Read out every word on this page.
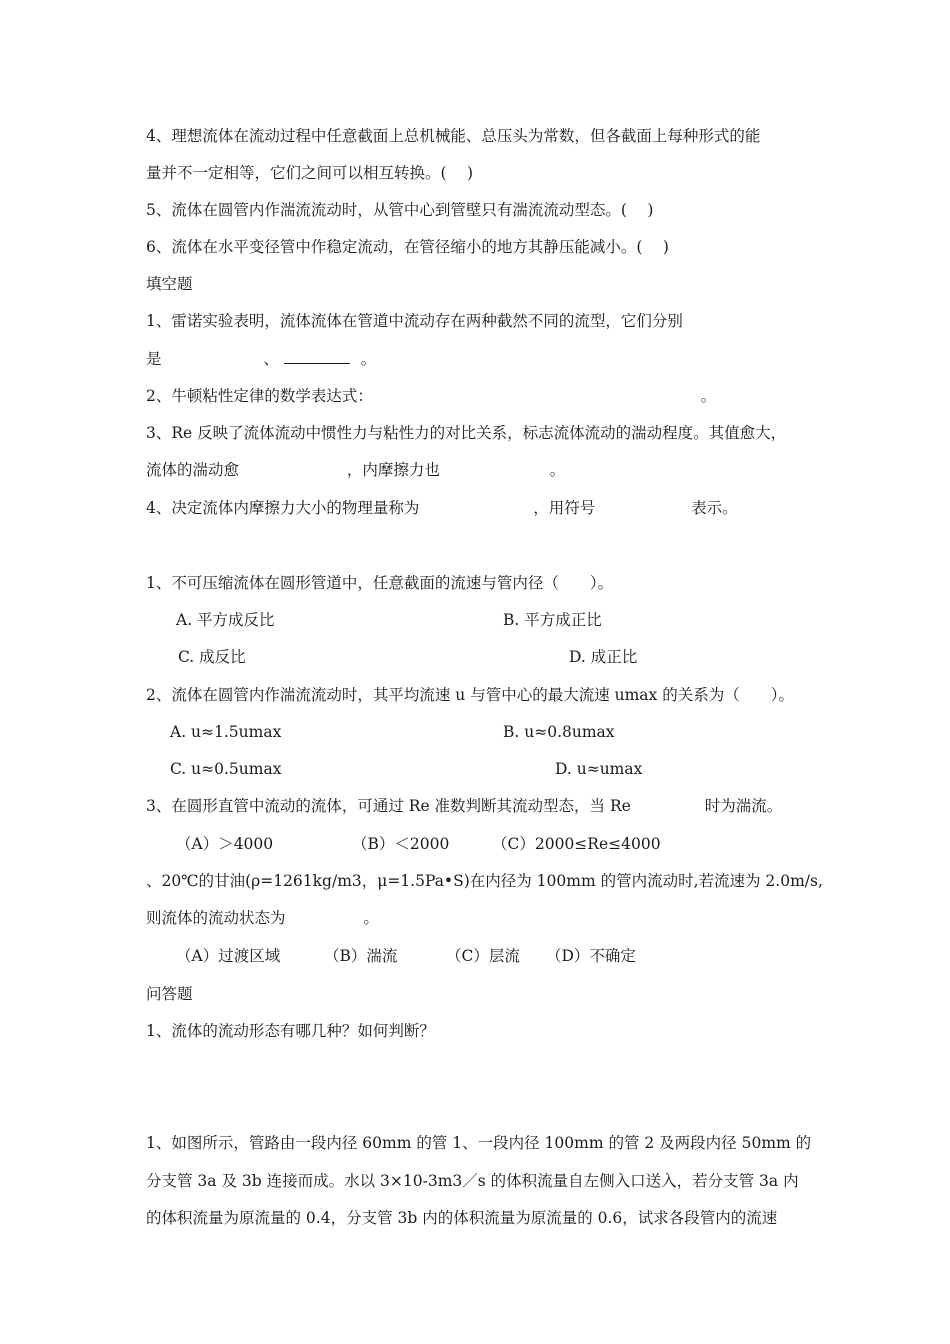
4、理想流体在流动过程中任意截面上总机械能、总压头为常数，但各截面上每种形式的能
量并不一定相等，它们之间可以相互转换。(　 )
5、流体在圆管内作湍流流动时，从管中心到管壁只有湍流流动型态。(　 )
6、流体在水平变径管中作稳定流动，在管径缩小的地方其静压能减小。(　 )
填空题
1、雷诺实验表明，流体流体在管道中流动存在两种截然不同的流型，它们分别
是	、	。
2、牛顿粘性定律的数学表达式：	。
3、Re 反映了流体流动中惯性力与粘性力的对比关系，标志流体流动的湍动程度。其值愈大，
流体的湍动愈	，内摩擦力也	。
4、决定流体内摩擦力大小的物理量称为	，用符号	表示。
1、不可压缩流体在圆形管道中，任意截面的流速与管内径（　　）。
A. 平方成反比	B. 平方成正比
C. 成反比	D. 成正比
2、流体在圆管内作湍流流动时，其平均流速 u 与管中心的最大流速 umax 的关系为（　　）。
A. u≈1.5umax	B. u≈0.8umax
C. u≈0.5umax	D. u≈umax
3、在圆形直管中流动的流体，可通过 Re 准数判断其流动型态，当 Re	时为湍流。
（A）＞4000	（B）＜2000	（C）2000≤Re≤4000
、20℃的甘油(ρ=1261kg/m3，μ=1.5Pa•S)在内径为 100mm 的管内流动时,若流速为 2.0m/s,
则流体的流动状态为	。
（A）过渡区域	（B）湍流	（C）层流 （D）不确定
问答题
1、流体的流动形态有哪几种？如何判断？
1、如图所示，管路由一段内径 60mm 的管 1、一段内径 100mm 的管 2 及两段内径 50mm 的
分支管 3a 及 3b 连接而成。水以 3×10-3m3／s 的体积流量自左侧入口送入，若分支管 3a 内
的体积流量为原流量的 0.4，分支管 3b 内的体积流量为原流量的 0.6，试求各段管内的流速
